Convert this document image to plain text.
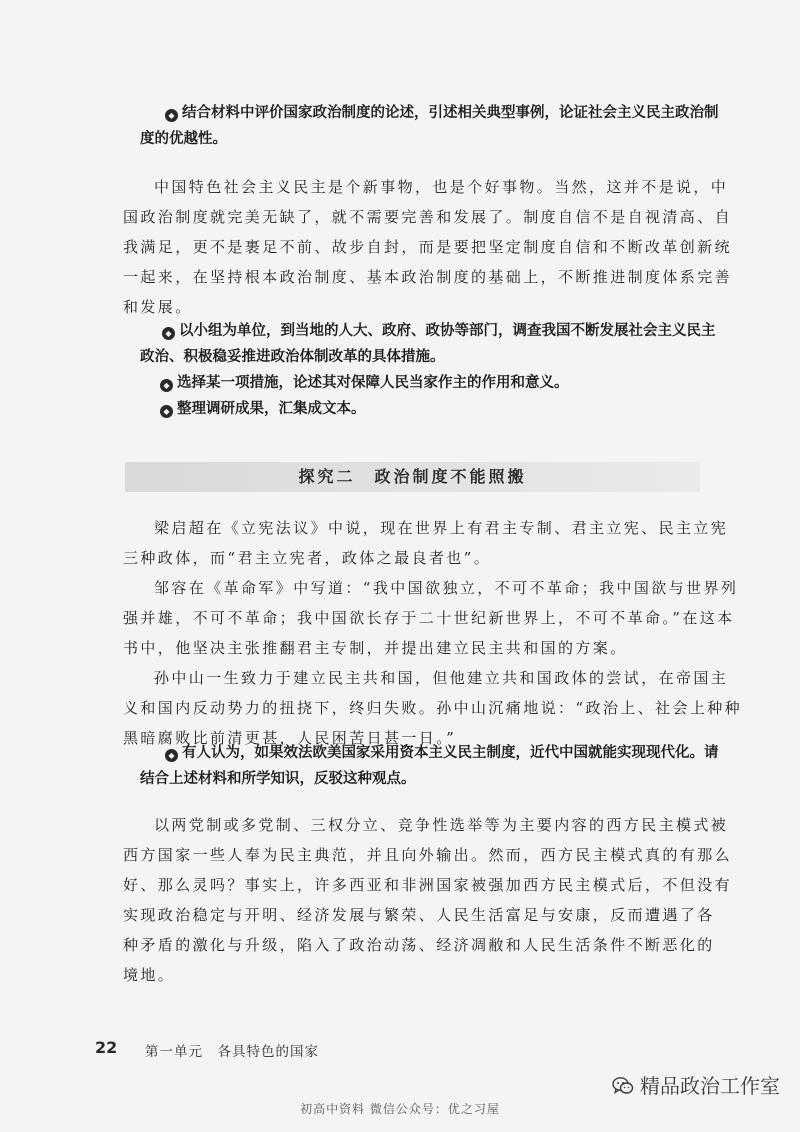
◆ 结合材料中评价国家政治制度的论述，引述相关典型事例，论证社会主义民主政治制
度的优越性。
中国特色社会主义民主是个新事物，也是个好事物。当然，这并不是说，中
国政治制度就完美无缺了，就不需要完善和发展了。制度自信不是自视清高、自
我满足，更不是裹足不前、故步自封，而是要把坚定制度自信和不断改革创新统
一起来，在坚持根本政治制度、基本政治制度的基础上，不断推进制度体系完善
和发展。
◆ 以小组为单位，到当地的人大、政府、政协等部门，调查我国不断发展社会主义民主
政治、积极稳妥推进政治体制改革的具体措施。
◆ 选择某一项措施，论述其对保障人民当家作主的作用和意义。
◆ 整理调研成果，汇集成文本。
探究二　政治制度不能照搬
梁启超在《立宪法议》中说，现在世界上有君主专制、君主立宪、民主立宪
三种政体，而“君主立宪者，政体之最良者也”。
邹容在《革命军》中写道：“我中国欲独立，不可不革命；我中国欲与世界列
强并雄，不可不革命；我中国欲长存于二十世纪新世界上，不可不革命。”在这本
书中，他坚决主张推翻君主专制，并提出建立民主共和国的方案。
孙中山一生致力于建立民主共和国，但他建立共和国政体的尝试，在帝国主
义和国内反动势力的扭挠下，终归失败。孙中山沉痛地说：“政治上、社会上种种
黑暗腐败比前清更甚，人民困苦日甚一日。”
◆ 有人认为，如果效法欧美国家采用资本主义民主制度，近代中国就能实现现代化。请
结合上述材料和所学知识，反驳这种观点。
以两党制或多党制、三权分立、竞争性选举等为主要内容的西方民主模式被
西方国家一些人奉为民主典范，并且向外输出。然而，西方民主模式真的有那么
好、那么灵吗？事实上，许多西亚和非洲国家被强加西方民主模式后，不但没有
实现政治稳定与开明、经济发展与繁荣、人民生活富足与安康，反而遭遇了各
种矛盾的激化与升级，陷入了政治动荡、经济凋敝和人民生活条件不断恶化的
境地。
22 第一单元　各具特色的国家
精品政治工作室
初高中资料 微信公众号：优之习屋
